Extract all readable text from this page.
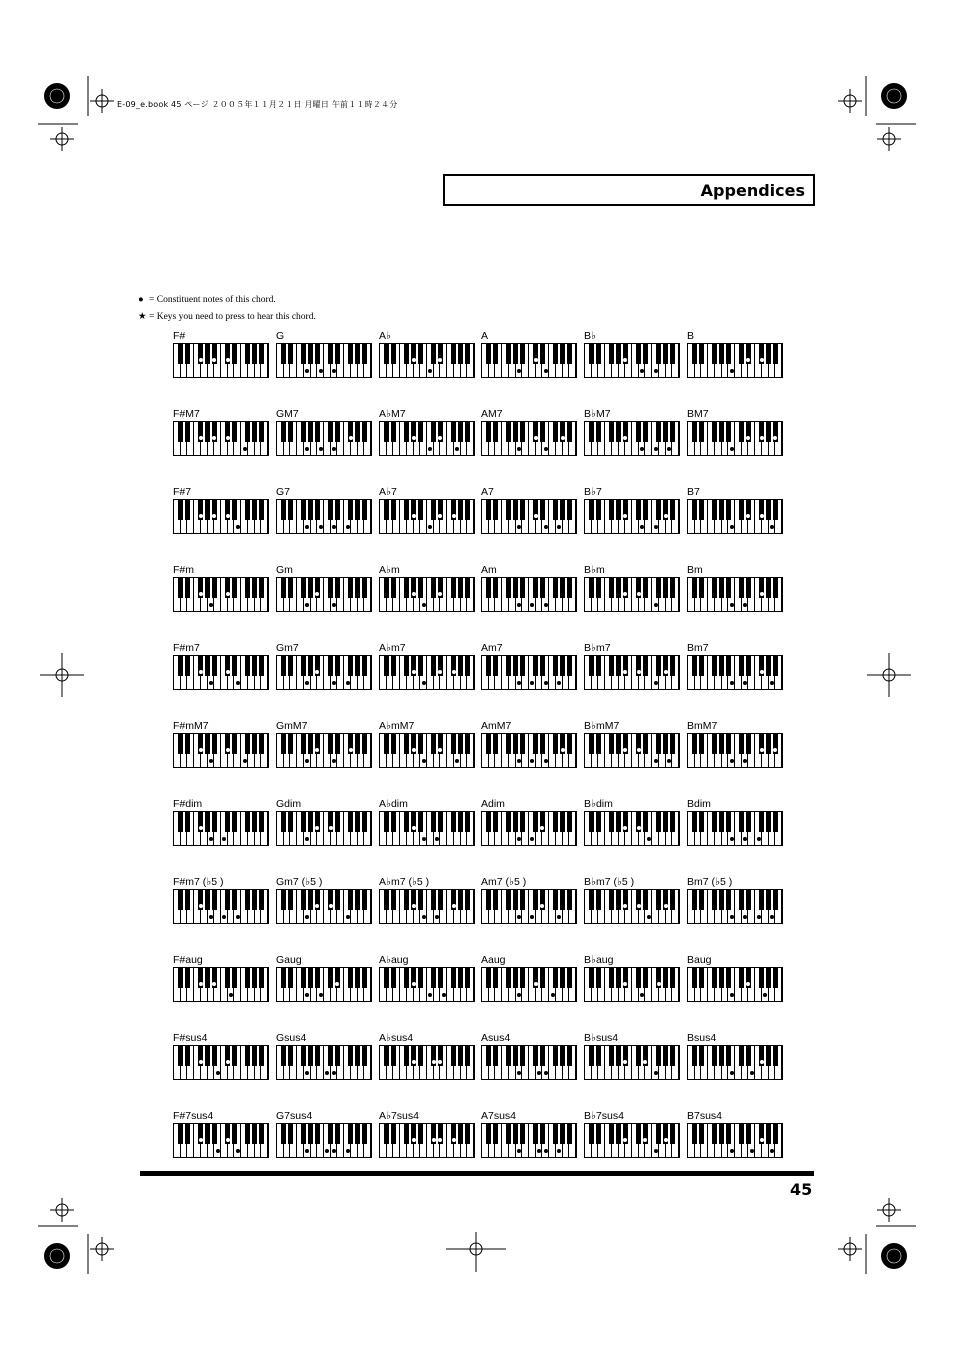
E-09_e.book 45 ページ ２００５年１１月２１日 月曜日 午前１１時２４分
Appendices
● = Constituent notes of this chord.
★ = Keys you need to press to hear this chord.
F#	G	A♭	A	B♭	B
F#M7	GM7	A♭M7	AM7	B♭M7	BM7
F#7	G7	A♭7	A7	B♭7	B7
F#m	Gm	A♭m	Am	B♭m	Bm
F#m7	Gm7	A♭m7	Am7	B♭m7	Bm7
F#mM7	GmM7	A♭mM7	AmM7	B♭mM7	BmM7
F#dim	Gdim	A♭dim	Adim	B♭dim	Bdim
F#m7 (♭5 )	Gm7 (♭5 )	A♭m7 (♭5 )	Am7 (♭5 )	B♭m7 (♭5 )	Bm7 (♭5 )
F#aug	Gaug	A♭aug	Aaug	B♭aug	Baug
F#sus4	Gsus4	A♭sus4	Asus4	B♭sus4	Bsus4
F#7sus4	G7sus4	A♭7sus4	A7sus4	B♭7sus4	B7sus4
45
